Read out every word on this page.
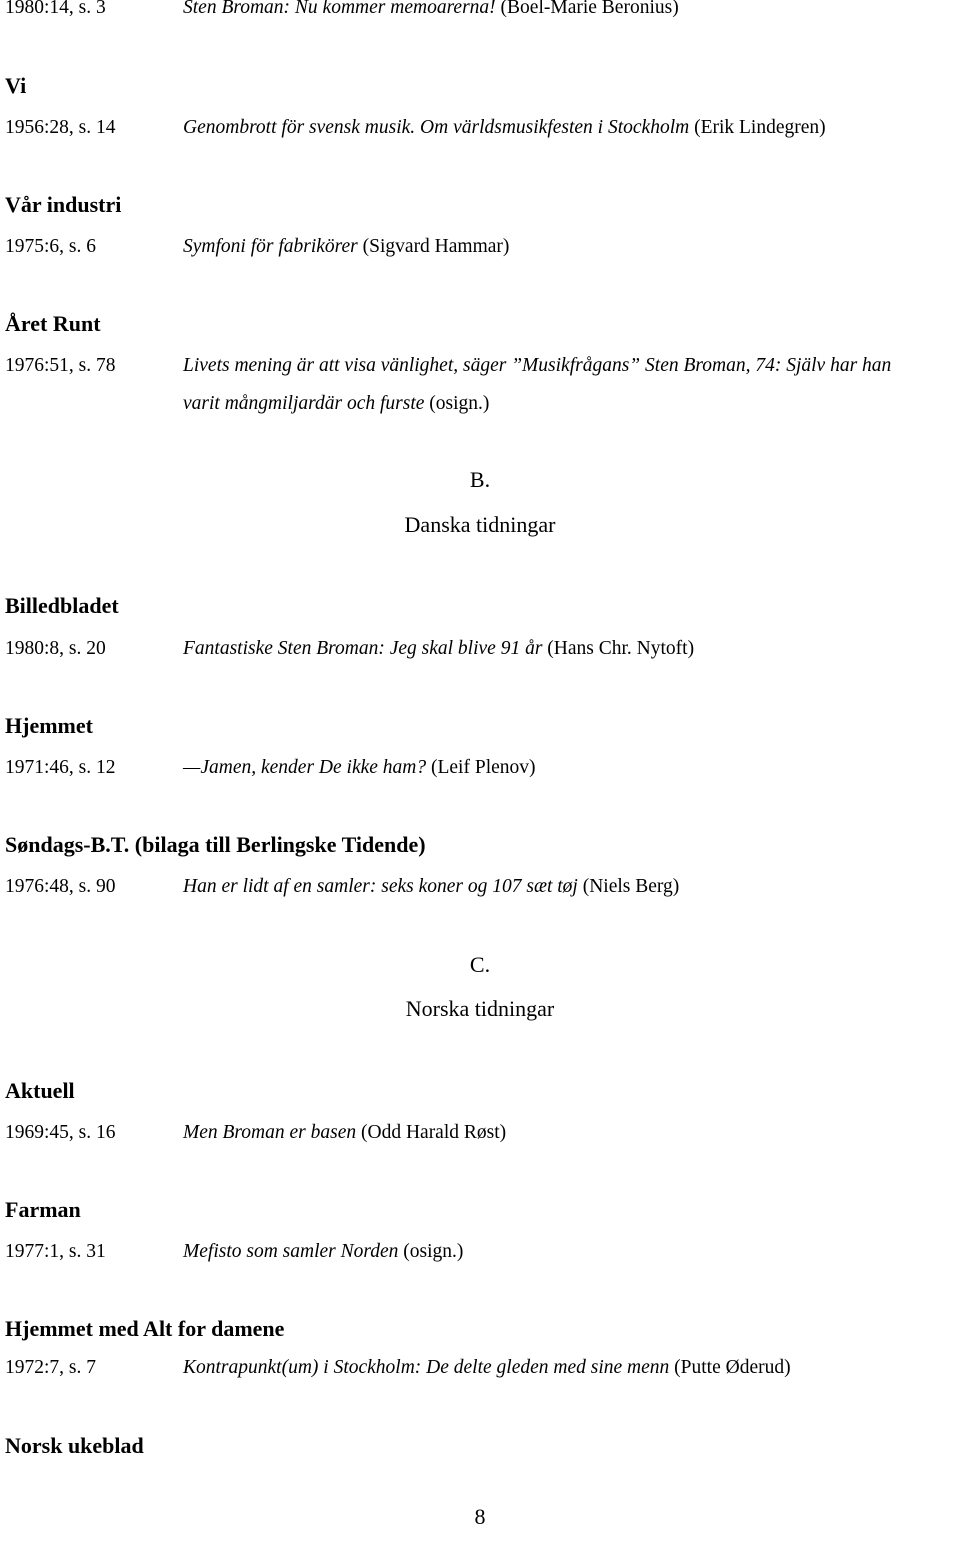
1980:14, s. 3	Sten Broman: Nu kommer memoarerna! (Boel-Marie Beronius)
Vi
1956:28, s. 14	Genombrott för svensk musik. Om världsmusikfesten i Stockholm (Erik Lindegren)
Vår industri
1975:6, s. 6	Symfoni för fabrikörer (Sigvard Hammar)
Året Runt
1976:51, s. 78	Livets mening är att visa vänlighet, säger ”Musikfrågans” Sten Broman, 74: Själv har han
varit mångmiljardär och furste (osign.)
B.
Danska tidningar
Billedbladet
1980:8, s. 20	Fantastiske Sten Broman: Jeg skal blive 91 år (Hans Chr. Nytoft)
Hjemmet
1971:46, s. 12	—Jamen, kender De ikke ham? (Leif Plenov)
Søndags-B.T. (bilaga till Berlingske Tidende)
1976:48, s. 90	Han er lidt af en samler: seks koner og 107 sæt tøj (Niels Berg)
C.
Norska tidningar
Aktuell
1969:45, s. 16	Men Broman er basen (Odd Harald Røst)
Farman
1977:1, s. 31	Mefisto som samler Norden (osign.)
Hjemmet med Alt for damene
1972:7, s. 7	Kontrapunkt(um) i Stockholm: De delte gleden med sine menn (Putte Øderud)
Norsk ukeblad
8
